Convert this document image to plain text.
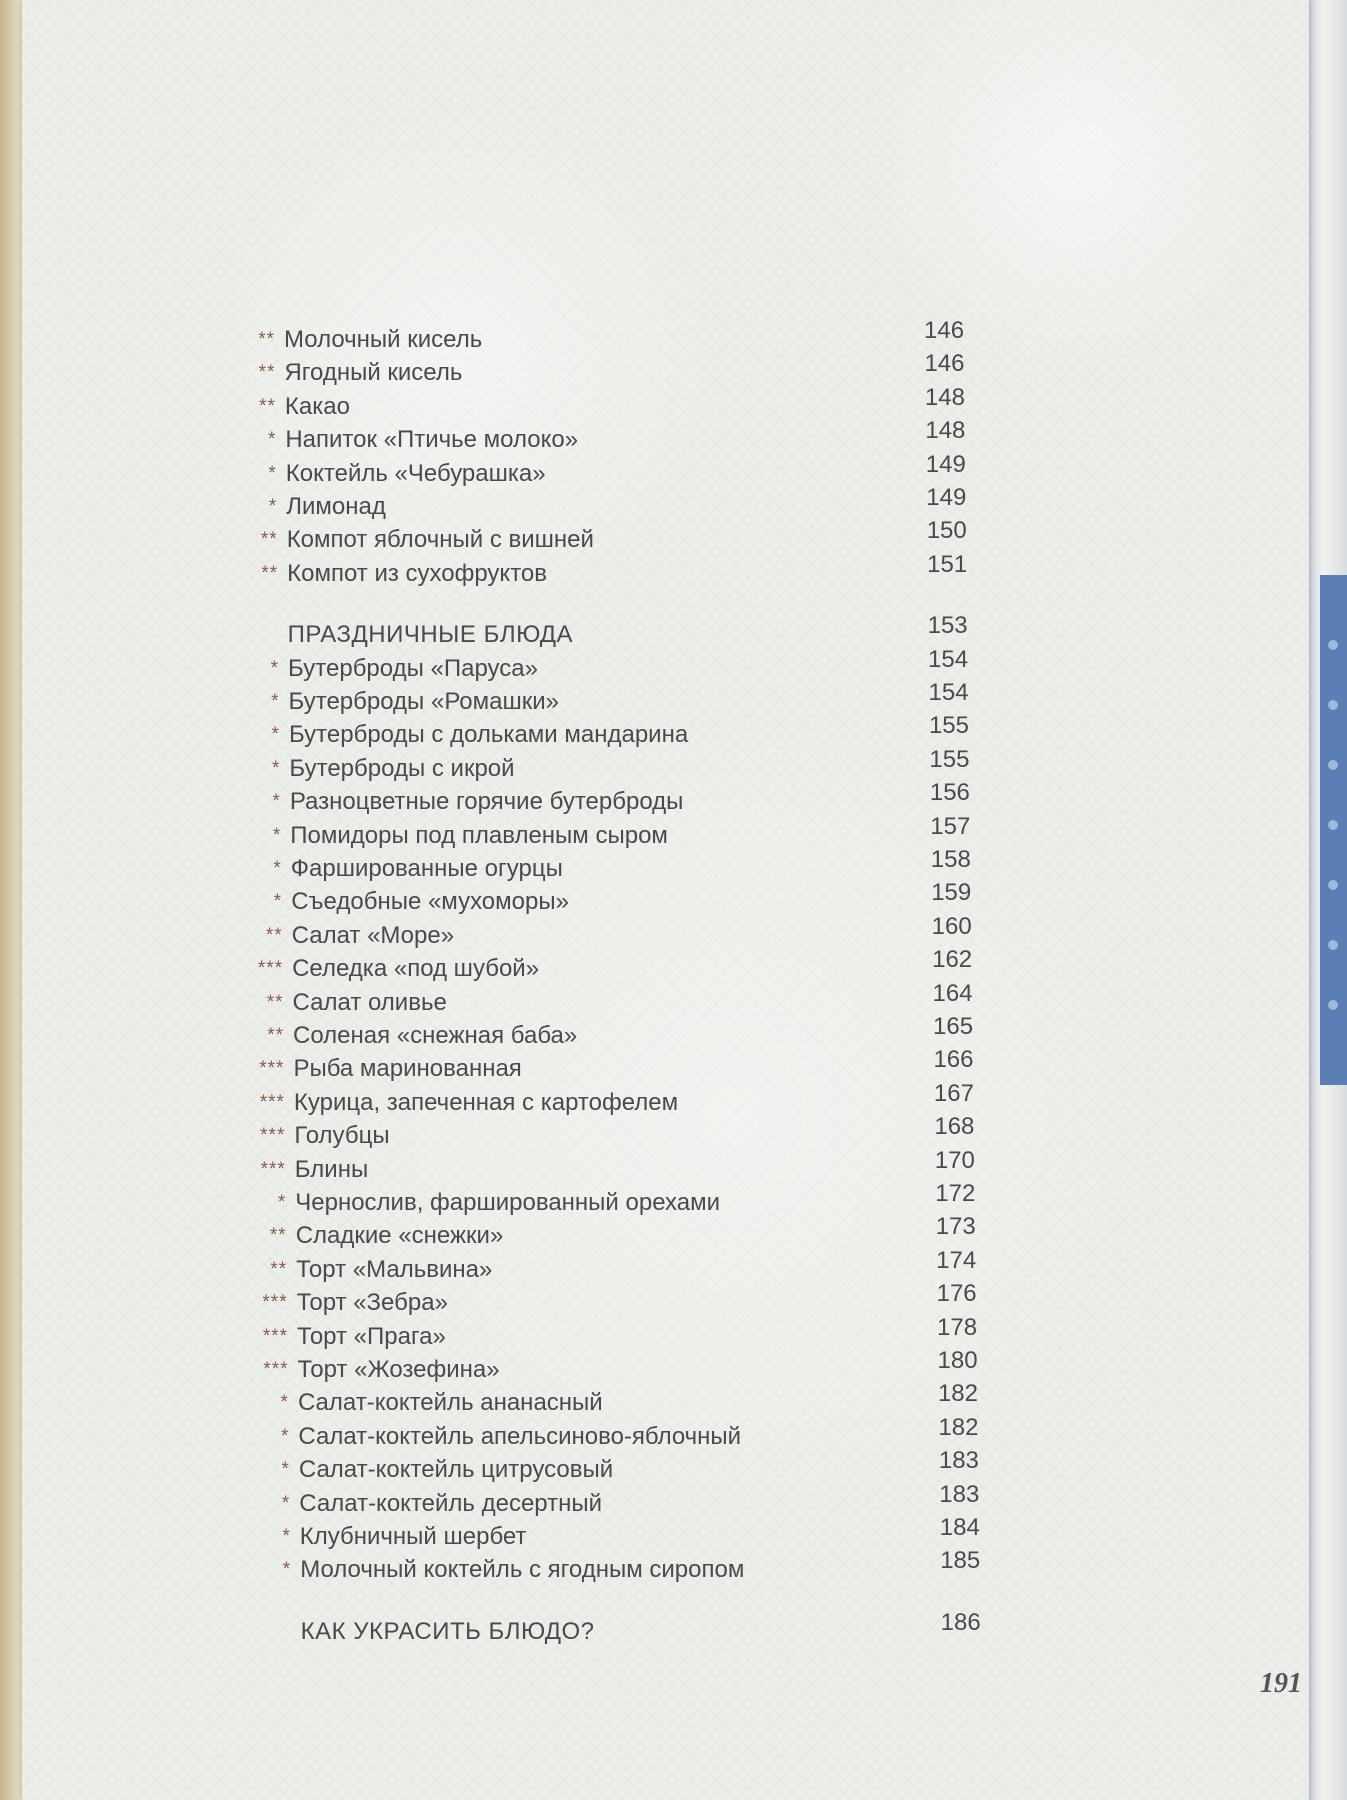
** Молочный кисель	146
** Ягодный кисель	146
** Какао	148
* Напиток «Птичье молоко»	148
* Коктейль «Чебурашка»	149
* Лимонад	149
** Компот яблочный с вишней	150
** Компот из сухофруктов	151
ПРАЗДНИЧНЫЕ БЛЮДА	153
* Бутерброды «Паруса»	154
* Бутерброды «Ромашки»	154
* Бутерброды с дольками мандарина	155
* Бутерброды с икрой	155
* Разноцветные горячие бутерброды	156
* Помидоры под плавленым сыром	157
* Фаршированные огурцы	158
* Съедобные «мухоморы»	159
** Салат «Море»	160
*** Селедка «под шубой»	162
** Салат оливье	164
** Соленая «снежная баба»	165
*** Рыба маринованная	166
*** Курица, запеченная с картофелем	167
*** Голубцы	168
*** Блины	170
* Чернослив, фаршированный орехами	172
** Сладкие «снежки»	173
** Торт «Мальвина»	174
*** Торт «Зебра»	176
*** Торт «Прага»	178
*** Торт «Жозефина»	180
* Салат-коктейль ананасный	182
* Салат-коктейль апельсиново-яблочный	182
* Салат-коктейль цитрусовый	183
* Салат-коктейль десертный	183
* Клубничный шербет	184
* Молочный коктейль с ягодным сиропом	185
КАК УКРАСИТЬ БЛЮДО?	186
191
